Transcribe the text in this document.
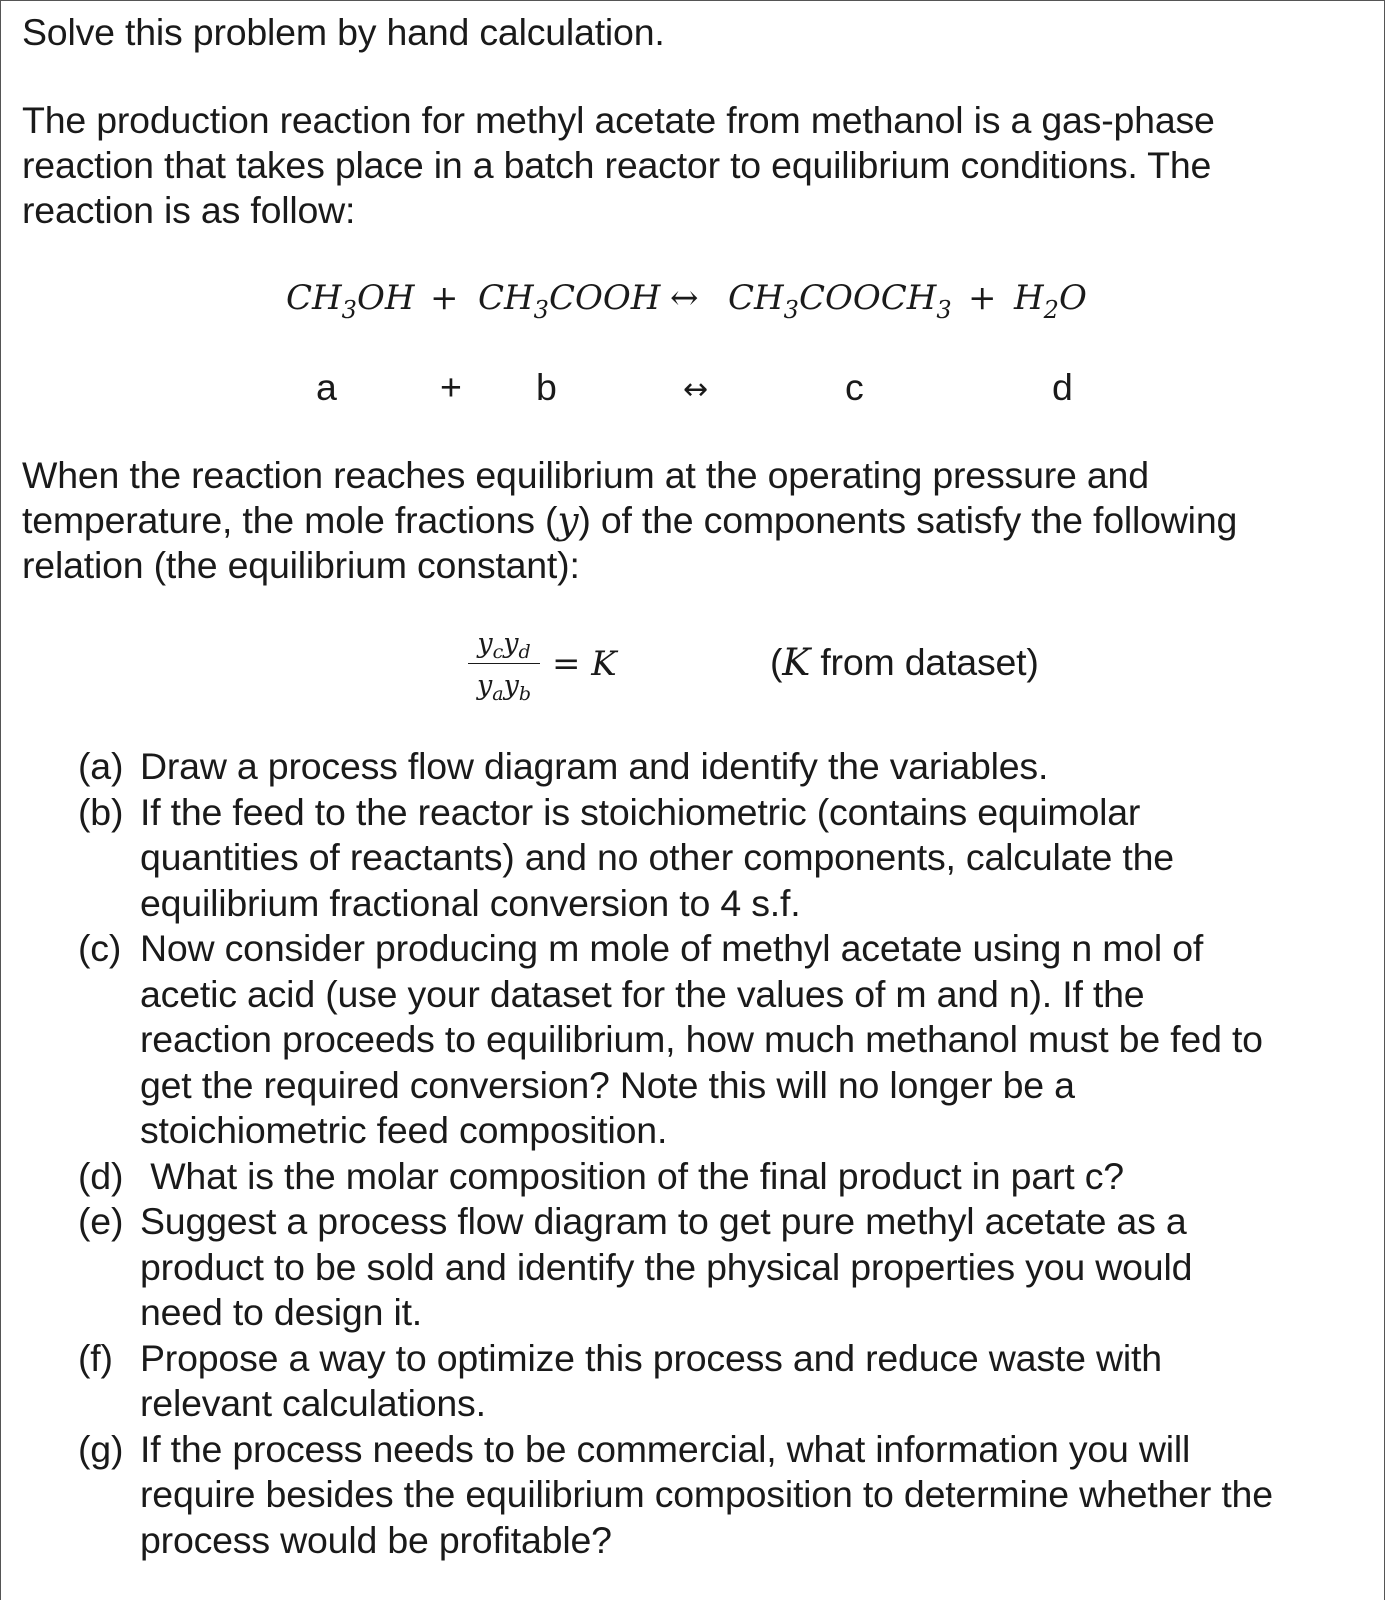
Solve this problem by hand calculation.
The production reaction for methyl acetate from methanol is a gas-phase
reaction that takes place in a batch reactor to equilibrium conditions. The
reaction is as follow:
$CH_3OH$ + $CH_3COOH$ ↔ $CH_3COOCH_3 + H_2O$
a	+ b	↔	c	d
When the reaction reaches equilibrium at the operating pressure and
temperature, the mole fractions (y) of the components satisfy the following
relation (the equilibrium constant):
$y_cy_d$
$y_ay_b$
= K	(K from dataset)
(a) Draw a process flow diagram and identify the variables.
(b) If the feed to the reactor is stoichiometric (contains equimolar
quantities of reactants) and no other components, calculate the
equilibrium fractional conversion to 4 s.f.
(c) Now consider producing m mole of methyl acetate using n mol of
acetic acid (use your dataset for the values of m and n). If the
reaction proceeds to equilibrium, how much methanol must be fed to
get the required conversion? Note this will no longer be a
stoichiometric feed composition.
(d) What is the molar composition of the final product in part c?
(e) Suggest a process flow diagram to get pure methyl acetate as a
product to be sold and identify the physical properties you would
need to design it.
(f) Propose a way to optimize this process and reduce waste with
relevant calculations.
(g) If the process needs to be commercial, what information you will
require besides the equilibrium composition to determine whether the
process would be profitable?
